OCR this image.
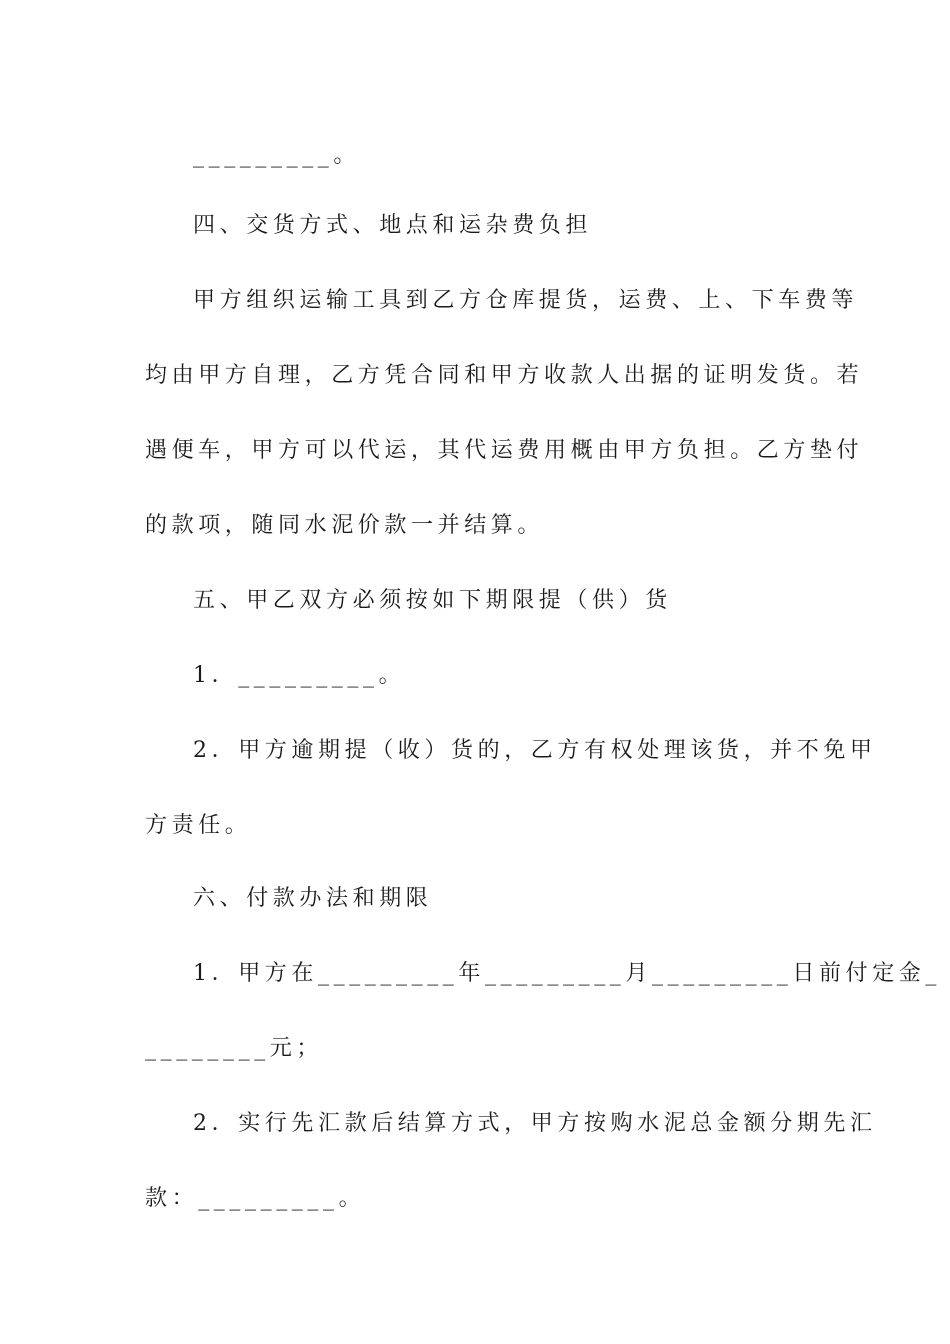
_________。

四、交货方式、地点和运杂费负担

甲方组织运输工具到乙方仓库提货，运费、上、下车费等

均由甲方自理，乙方凭合同和甲方收款人出据的证明发货。若

遇便车，甲方可以代运，其代运费用概由甲方负担。乙方垫付

的款项，随同水泥价款一并结算。

五、甲乙双方必须按如下期限提（供）货

1．_________。

2．甲方逾期提（收）货的，乙方有权处理该货，并不免甲

方责任。

六、付款办法和期限

1．甲方在_________年_________月_________日前付定金_

________元；

2．实行先汇款后结算方式，甲方按购水泥总金额分期先汇

款：_________。
